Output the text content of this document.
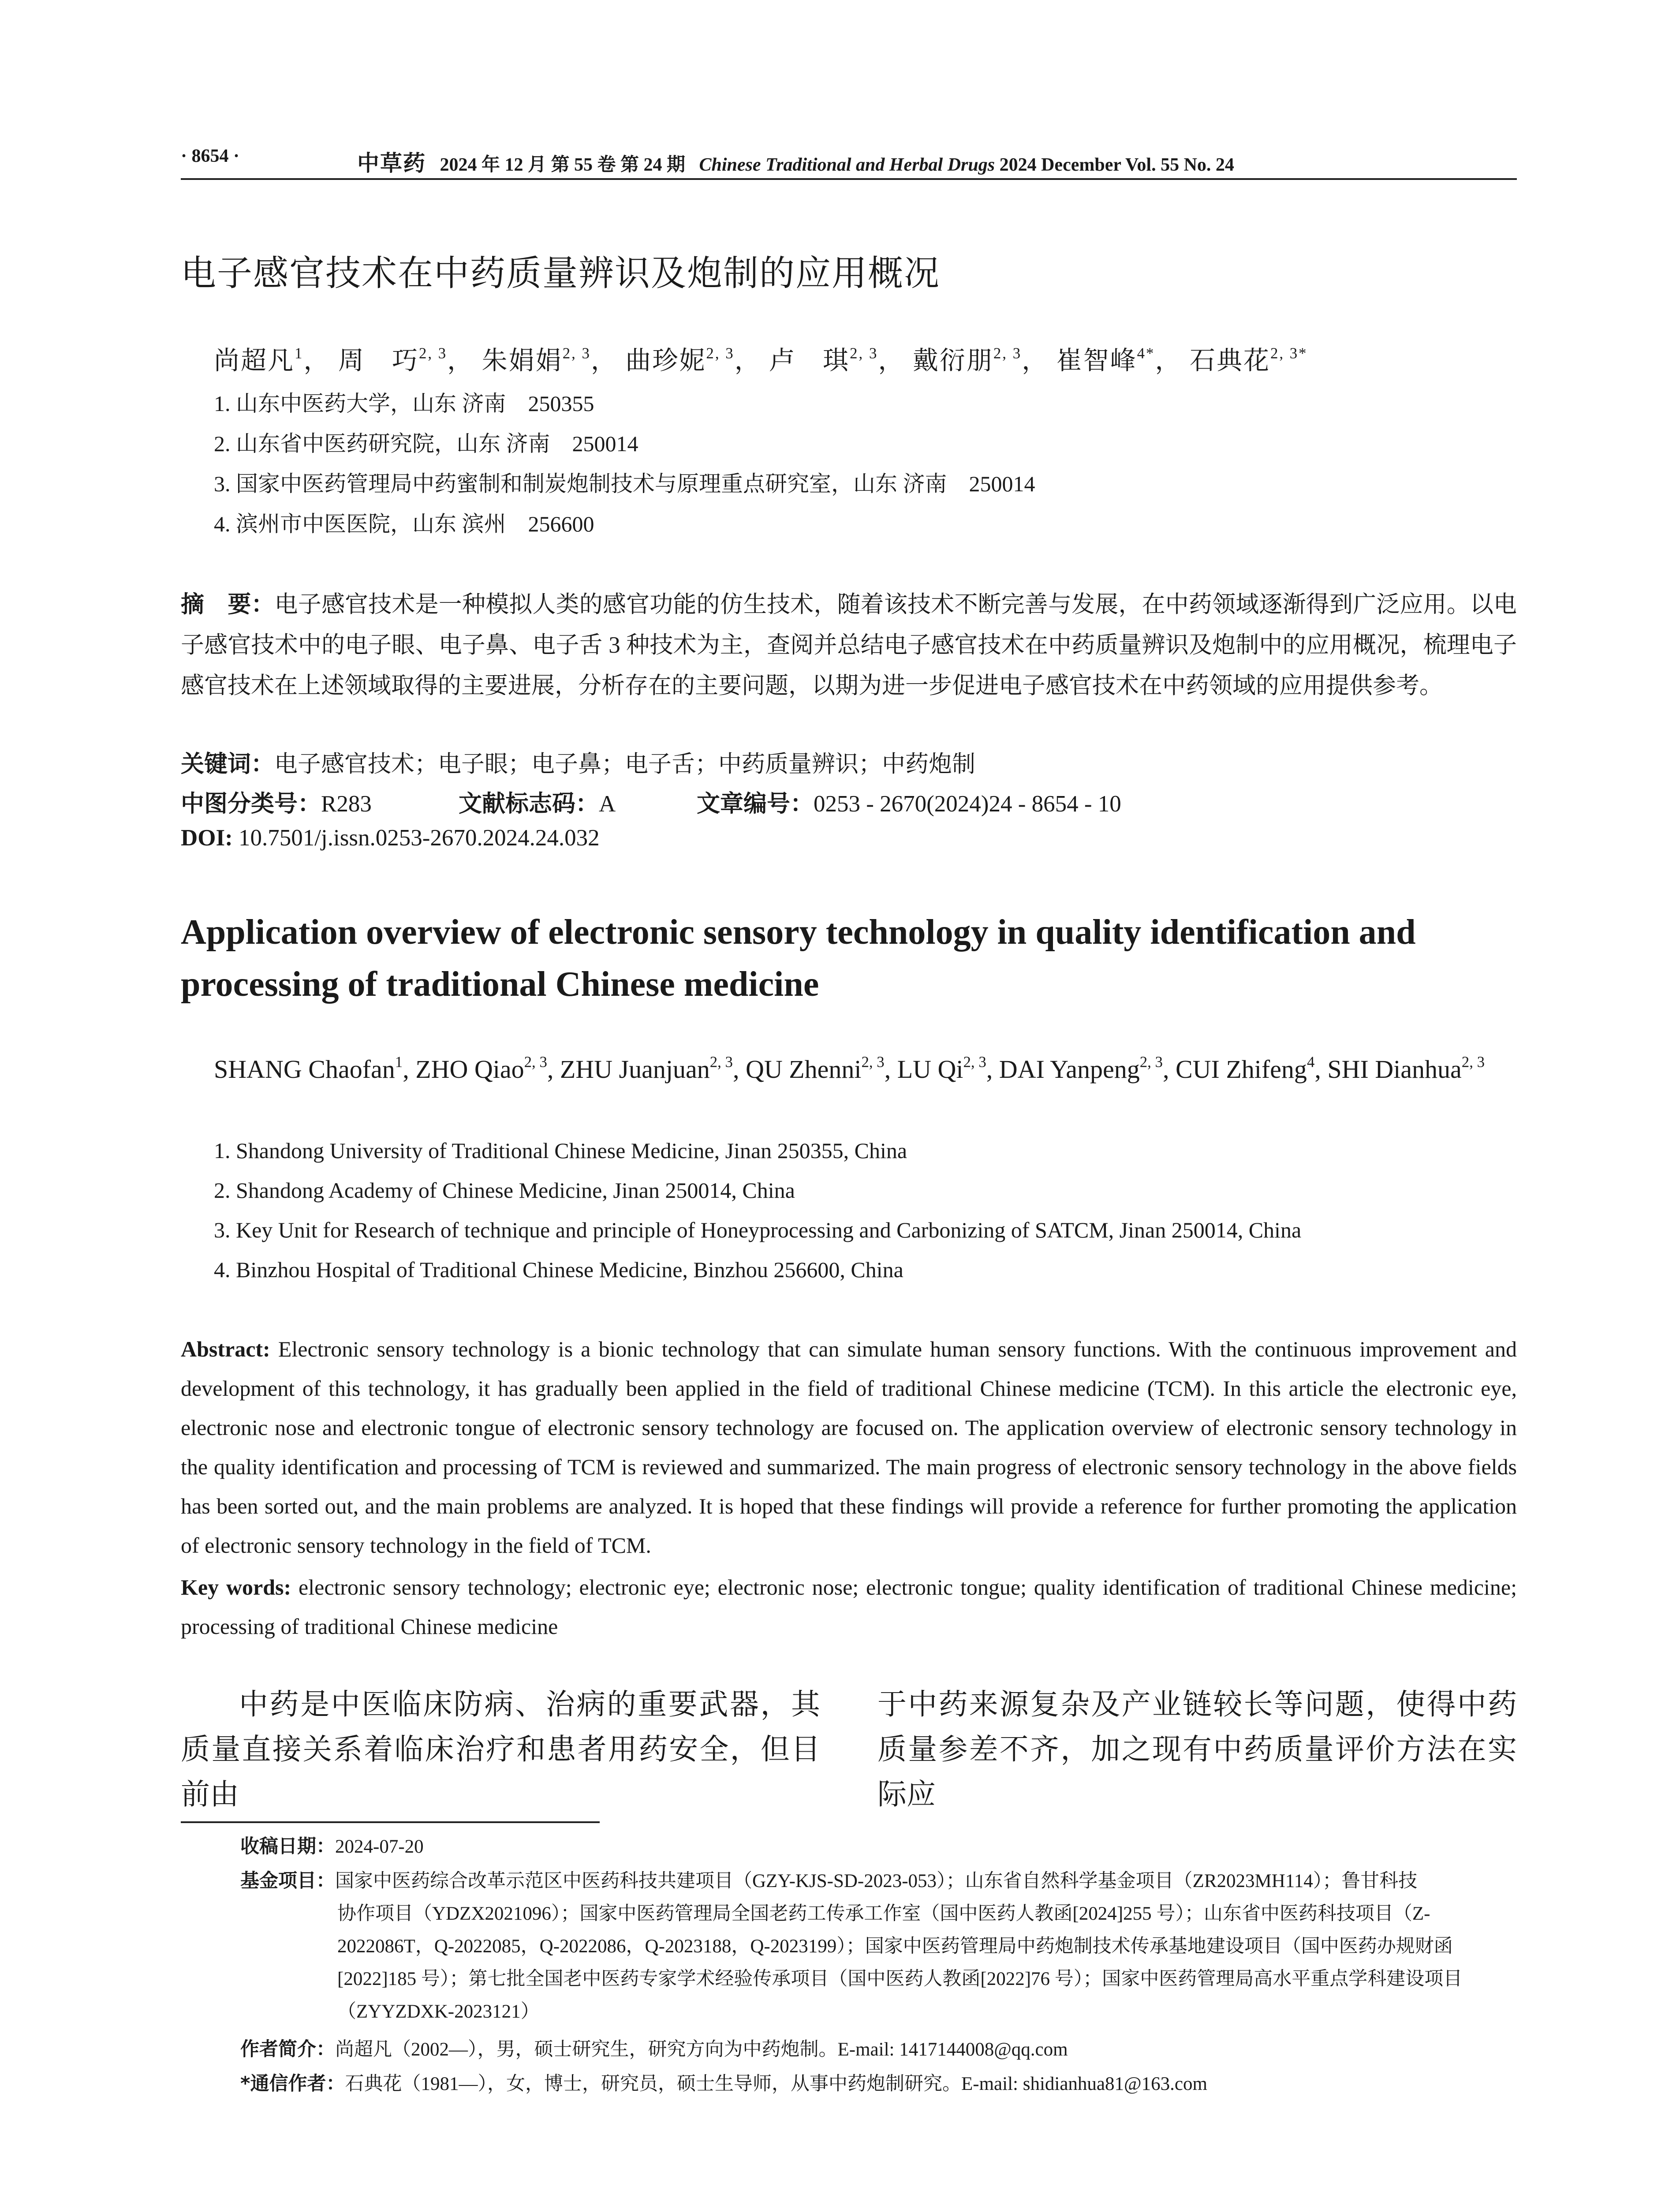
· 8654 ·	中草药 2024 年 12 月 第 55 卷 第 24 期 Chinese Traditional and Herbal Drugs 2024 December Vol. 55 No. 24
电子感官技术在中药质量辨识及炮制的应用概况
尚超凡$^1$， 周　巧$^{2, 3}$， 朱娟娟$^{2, 3}$， 曲珍妮$^{2, 3}$， 卢　琪$^{2, 3}$， 戴衍朋$^{2, 3}$， 崔智峰$^{4*}$， 石典花$^{2, 3*}$
1. 山东中医药大学，山东 济南　250355
2. 山东省中医药研究院，山东 济南　250014
3. 国家中医药管理局中药蜜制和制炭炮制技术与原理重点研究室，山东 济南　250014
4. 滨州市中医医院，山东 滨州　256600
摘　要：电子感官技术是一种模拟人类的感官功能的仿生技术，随着该技术不断完善与发展，在中药领域逐渐得到广泛应用。以电子感官技术中的电子眼、电子鼻、电子舌 3 种技术为主，查阅并总结电子感官技术在中药质量辨识及炮制中的应用概况，梳理电子感官技术在上述领域取得的主要进展，分析存在的主要问题，以期为进一步促进电子感官技术在中药领域的应用提供参考。
关键词：电子感官技术；电子眼；电子鼻；电子舌；中药质量辨识；中药炮制
中图分类号：R283	文献标志码：A	文章编号：0253 - 2670(2024)24 - 8654 - 10
DOI: 10.7501/j.issn.0253-2670.2024.24.032
Application overview of electronic sensory technology in quality identification and processing of traditional Chinese medicine
SHANG Chaofan$^1$, ZHO Qiao$^{2, 3}$, ZHU Juanjuan$^{2, 3}$, QU Zhenni$^{2, 3}$, LU Qi$^{2, 3}$, DAI Yanpeng$^{2, 3}$, CUI Zhifeng$^4$, SHI Dianhua$^{2, 3}$
1. Shandong University of Traditional Chinese Medicine, Jinan 250355, China
2. Shandong Academy of Chinese Medicine, Jinan 250014, China
3. Key Unit for Research of technique and principle of Honeyprocessing and Carbonizing of SATCM, Jinan 250014, China
4. Binzhou Hospital of Traditional Chinese Medicine, Binzhou 256600, China
Abstract: Electronic sensory technology is a bionic technology that can simulate human sensory functions. With the continuous improvement and development of this technology, it has gradually been applied in the field of traditional Chinese medicine (TCM). In this article the electronic eye, electronic nose and electronic tongue of electronic sensory technology are focused on. The application overview of electronic sensory technology in the quality identification and processing of TCM is reviewed and summarized. The main progress of electronic sensory technology in the above fields has been sorted out, and the main problems are analyzed. It is hoped that these findings will provide a reference for further promoting the application of electronic sensory technology in the field of TCM.
Key words: electronic sensory technology; electronic eye; electronic nose; electronic tongue; quality identification of traditional Chinese medicine; processing of traditional Chinese medicine
中药是中医临床防病、治病的重要武器，其质量直接关系着临床治疗和患者用药安全，但目前由
于中药来源复杂及产业链较长等问题，使得中药质量参差不齐，加之现有中药质量评价方法在实际应
收稿日期：2024-07-20
基金项目：国家中医药综合改革示范区中医药科技共建项目（GZY-KJS-SD-2023-053）；山东省自然科学基金项目（ZR2023MH114）；鲁甘科技
协作项目（YDZX2021096）；国家中医药管理局全国老药工传承工作室（国中医药人教函[2024]255 号）；山东省中医药科技项目（Z-2022086T，Q-2022085，Q-2022086，Q-2023188，Q-2023199）；国家中医药管理局中药炮制技术传承基地建设项目（国中医药办规财函[2022]185 号）；第七批全国老中医药专家学术经验传承项目（国中医药人教函[2022]76 号）；国家中医药管理局高水平重点学科建设项目（ZYYZDXK-2023121）
作者简介：尚超凡（2002—），男，硕士研究生，研究方向为中药炮制。E-mail: 1417144008@qq.com
*通信作者：石典花（1981—），女，博士，研究员，硕士生导师，从事中药炮制研究。E-mail: shidianhua81@163.com
